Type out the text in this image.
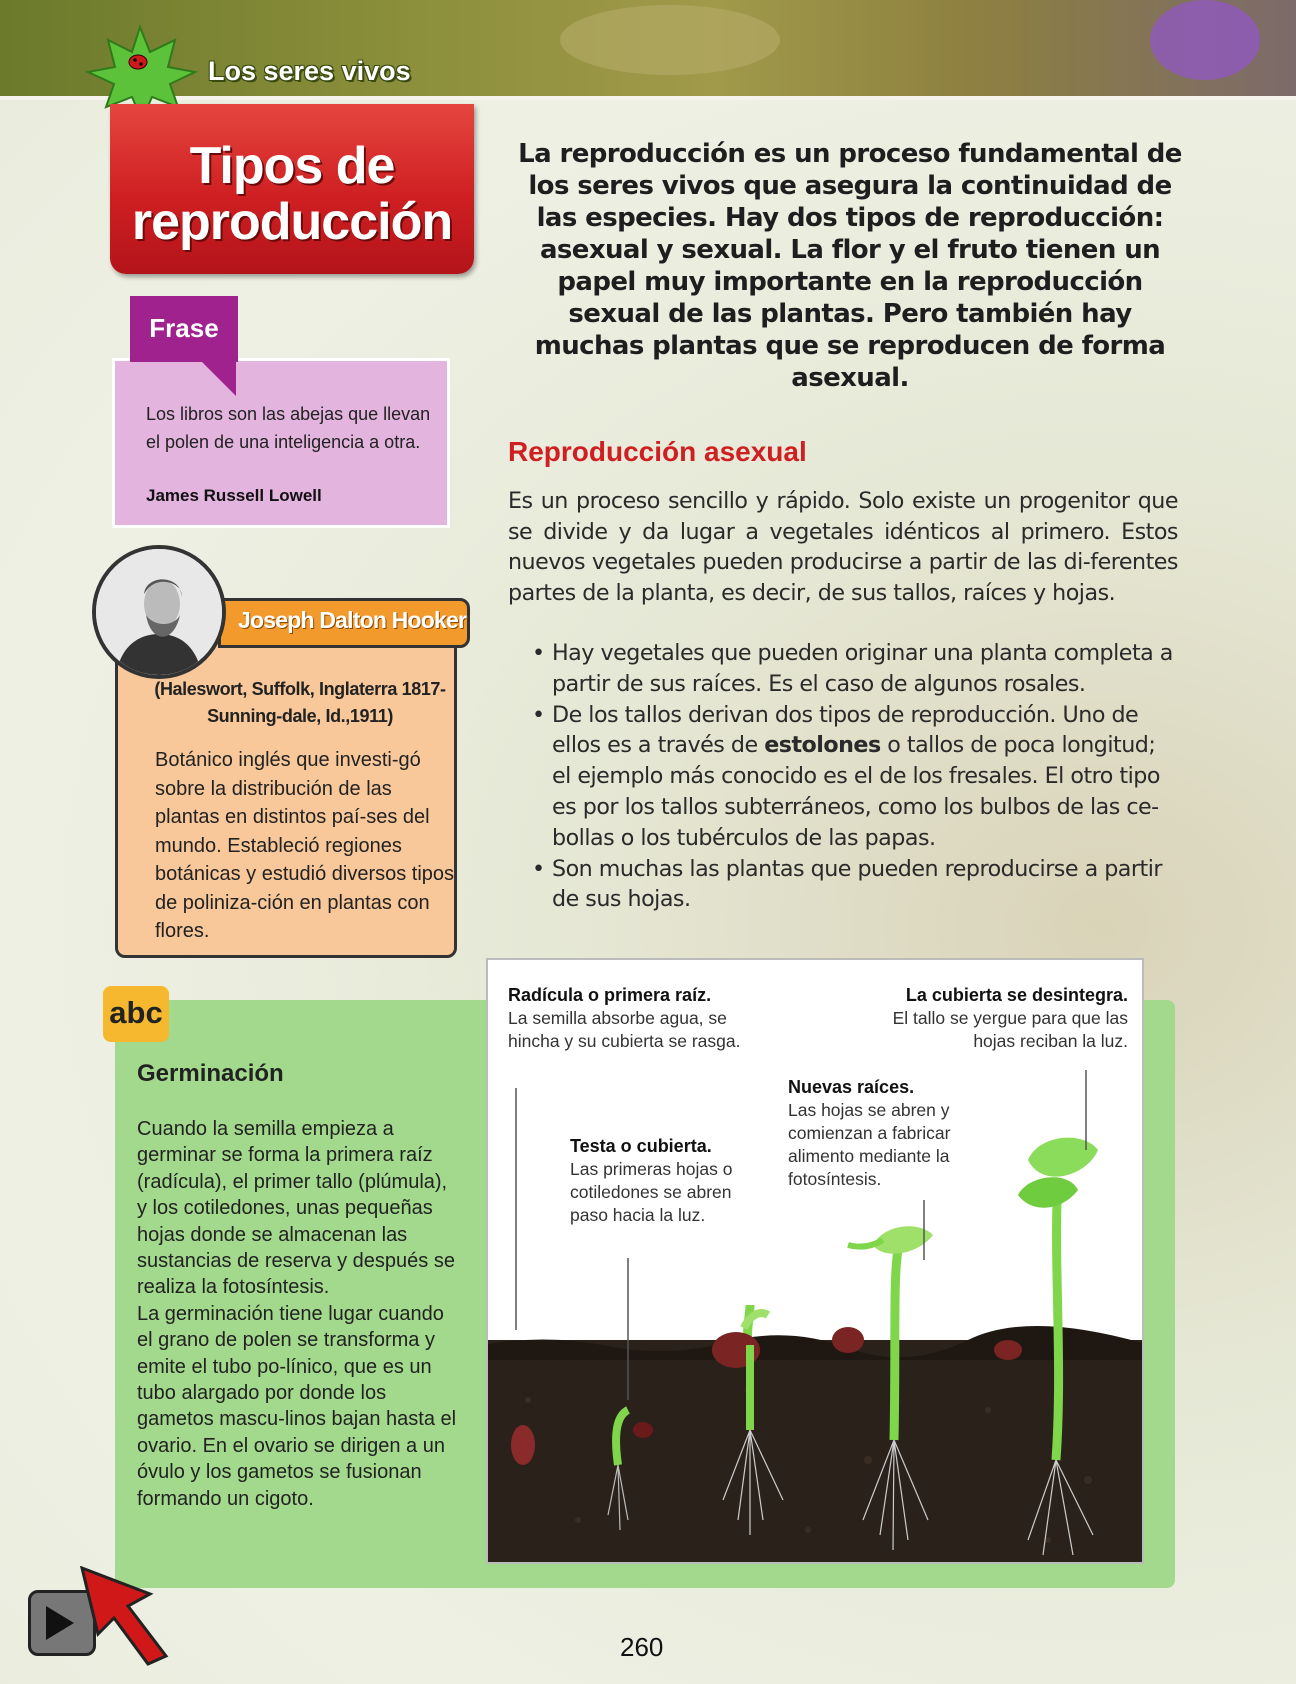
Los seres vivos
Tipos de
reproducción
La reproducción es un proceso fundamental de los seres vivos que asegura la continuidad de las especies. Hay dos tipos de reproducción: asexual y sexual. La flor y el fruto tienen un papel muy importante en la reproducción sexual de las plantas. Pero también hay muchas plantas que se reproducen de forma asexual.
Frase
Los libros son las abejas que llevan el polen de una inteligencia a otra.
James Russell Lowell
Joseph Dalton Hooker
(Haleswort, Suffolk, Inglaterra 1817-Sunning-dale, Id.,1911)
Botánico inglés que investi-gó sobre la distribución de las plantas en distintos paí-ses del mundo. Estableció regiones botánicas y estudió diversos tipos de poliniza-ción en plantas con flores.
Reproducción asexual
Es un proceso sencillo y rápido. Solo existe un progenitor que se divide y da lugar a vegetales idénticos al primero. Estos nuevos vegetales pueden producirse a partir de las di-ferentes partes de la planta, es decir, de sus tallos, raíces y hojas.
• Hay vegetales que pueden originar una planta completa a partir de sus raíces. Es el caso de algunos rosales.
• De los tallos derivan dos tipos de reproducción. Uno de ellos es a través de estolones o tallos de poca longitud; el ejemplo más conocido es el de los fresales. El otro tipo es por los tallos subterráneos, como los bulbos de las ce-bollas o los tubérculos de las papas.
• Son muchas las plantas que pueden reproducirse a partir de sus hojas.
abc
Germinación
Cuando la semilla empieza a germinar se forma la primera raíz (radícula), el primer tallo (plúmula), y los cotiledones, unas pequeñas hojas donde se almacenan las sustancias de reserva y después se realiza la fotosíntesis.
La germinación tiene lugar cuando el grano de polen se transforma y emite el tubo po-línico, que es un tubo alargado por donde los gametos mascu-linos bajan hasta el ovario. En el ovario se dirigen a un óvulo y los gametos se fusionan formando un cigoto.
Radícula o primera raíz.
La semilla absorbe agua, se hincha y su cubierta se rasga.
Testa o cubierta.
Las primeras hojas o cotiledones se abren paso hacia la luz.
Nuevas raíces.
Las hojas se abren y comienzan a fabricar alimento mediante la fotosíntesis.
La cubierta se desintegra.
El tallo se yergue para que las hojas reciban la luz.
260
